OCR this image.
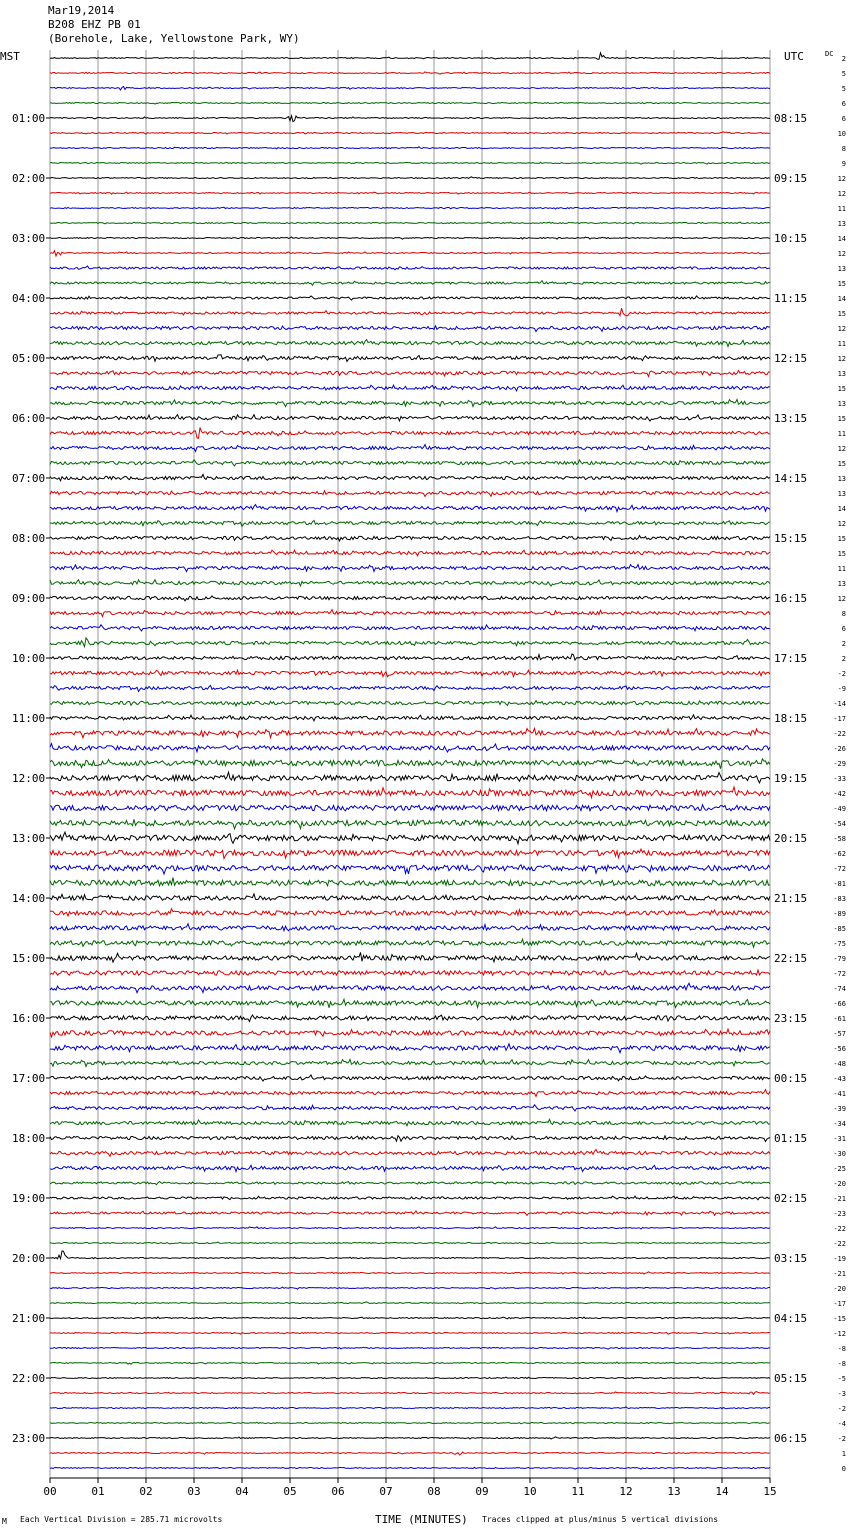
Mar19,2014
B208 EHZ PB 01
(Borehole, Lake, Yellowstone Park, WY)
01:00
02:00
03:00
04:00
05:00
06:00
07:00
08:00
09:00
10:00
11:00
12:00
13:00
14:00
15:00
16:00
17:00
18:00
19:00
20:00
21:00
22:00
23:00
08:15
09:15
10:15
11:15
12:15
13:15
14:15
15:15
16:15
17:15
18:15
19:15
20:15
21:15
22:15
23:15
00:15
01:15
02:15
03:15
04:15
05:15
06:15
2
5
5
6
6
10
8
9
12
12
11
13
14
12
13
15
14
15
12
11
12
13
15
13
15
11
12
15
13
13
14
12
15
15
11
13
12
8
6
2
2
-2
-9
-14
-17
-22
-26
-29
-33
-42
-49
-54
-58
-62
-72
-81
-83
-89
-85
-75
-79
-72
-74
-66
-61
-57
-56
-48
-43
-41
-39
-34
-31
-30
-25
-20
-21
-23
-22
-22
-19
-21
-20
-17
-15
-12
-8
-8
-5
-3
-2
-4
-2
1
0
00	01	02	03	04	05	06	07	08	09	10	11	12	13	14	15
MST	UTC	DC
TIME (MINUTES)
M Each Vertical Division = 285.71 microvolts	Traces clipped at plus/minus 5 vertical divisions
